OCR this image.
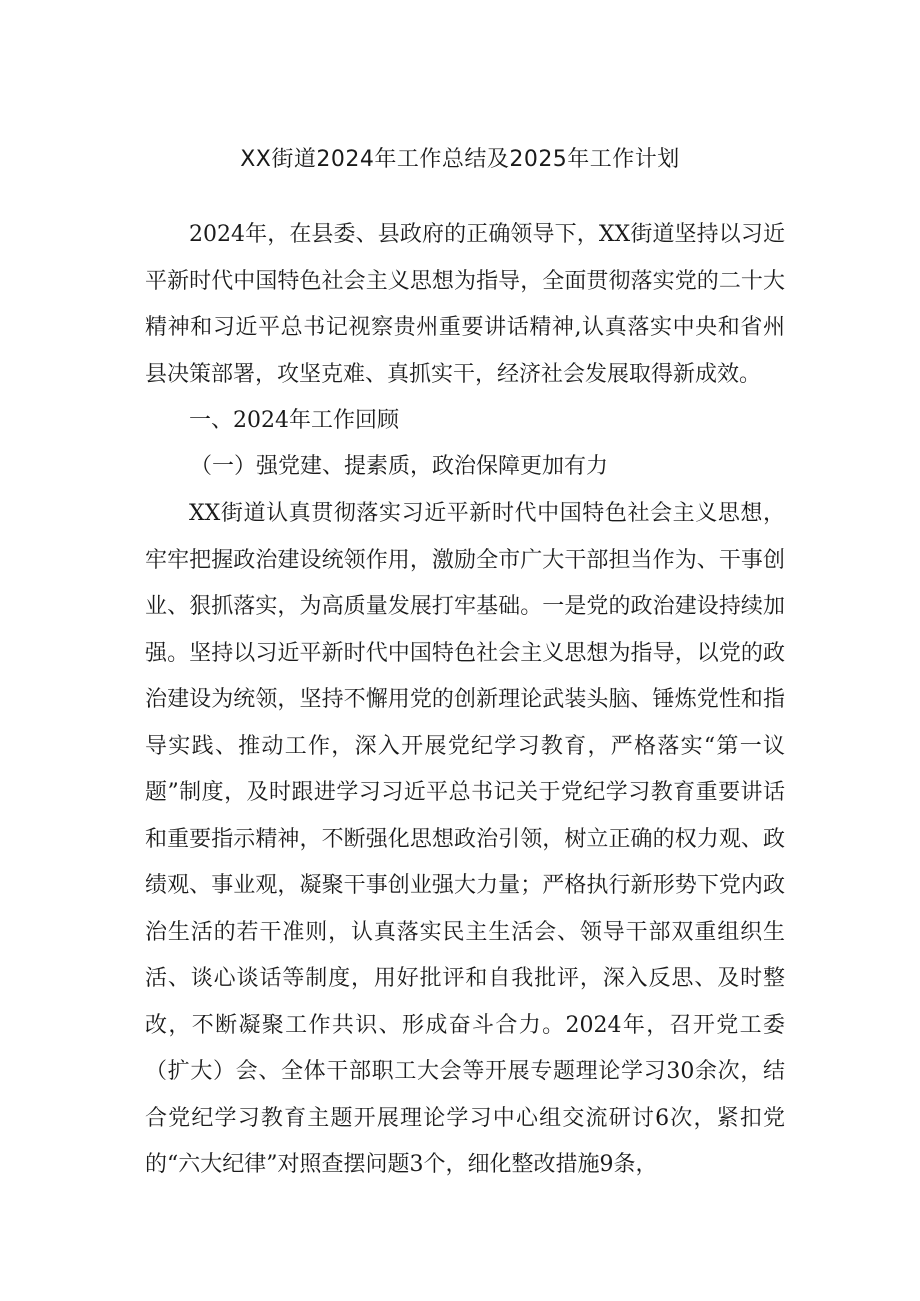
XX街道2024年工作总结及2025年工作计划

2024年，在县委、县政府的正确领导下，XX街道坚持以习近平新时代中国特色社会主义思想为指导，全面贯彻落实党的二十大精神和习近平总书记视察贵州重要讲话精神,认真落实中央和省州县决策部署，攻坚克难、真抓实干，经济社会发展取得新成效。

一、2024年工作回顾

（一）强党建、提素质，政治保障更加有力

XX街道认真贯彻落实习近平新时代中国特色社会主义思想，牢牢把握政治建设统领作用，激励全市广大干部担当作为、干事创业、狠抓落实，为高质量发展打牢基础。一是党的政治建设持续加强。坚持以习近平新时代中国特色社会主义思想为指导，以党的政治建设为统领，坚持不懈用党的创新理论武装头脑、锤炼党性和指导实践、推动工作，深入开展党纪学习教育，严格落实“第一议题”制度，及时跟进学习习近平总书记关于党纪学习教育重要讲话和重要指示精神，不断强化思想政治引领，树立正确的权力观、政绩观、事业观，凝聚干事创业强大力量；严格执行新形势下党内政治生活的若干准则，认真落实民主生活会、领导干部双重组织生活、谈心谈话等制度，用好批评和自我批评，深入反思、及时整改，不断凝聚工作共识、形成奋斗合力。2024年，召开党工委（扩大）会、全体干部职工大会等开展专题理论学习30余次，结合党纪学习教育主题开展理论学习中心组交流研讨6次，紧扣党的“六大纪律”对照查摆问题3个，细化整改措施9条，
